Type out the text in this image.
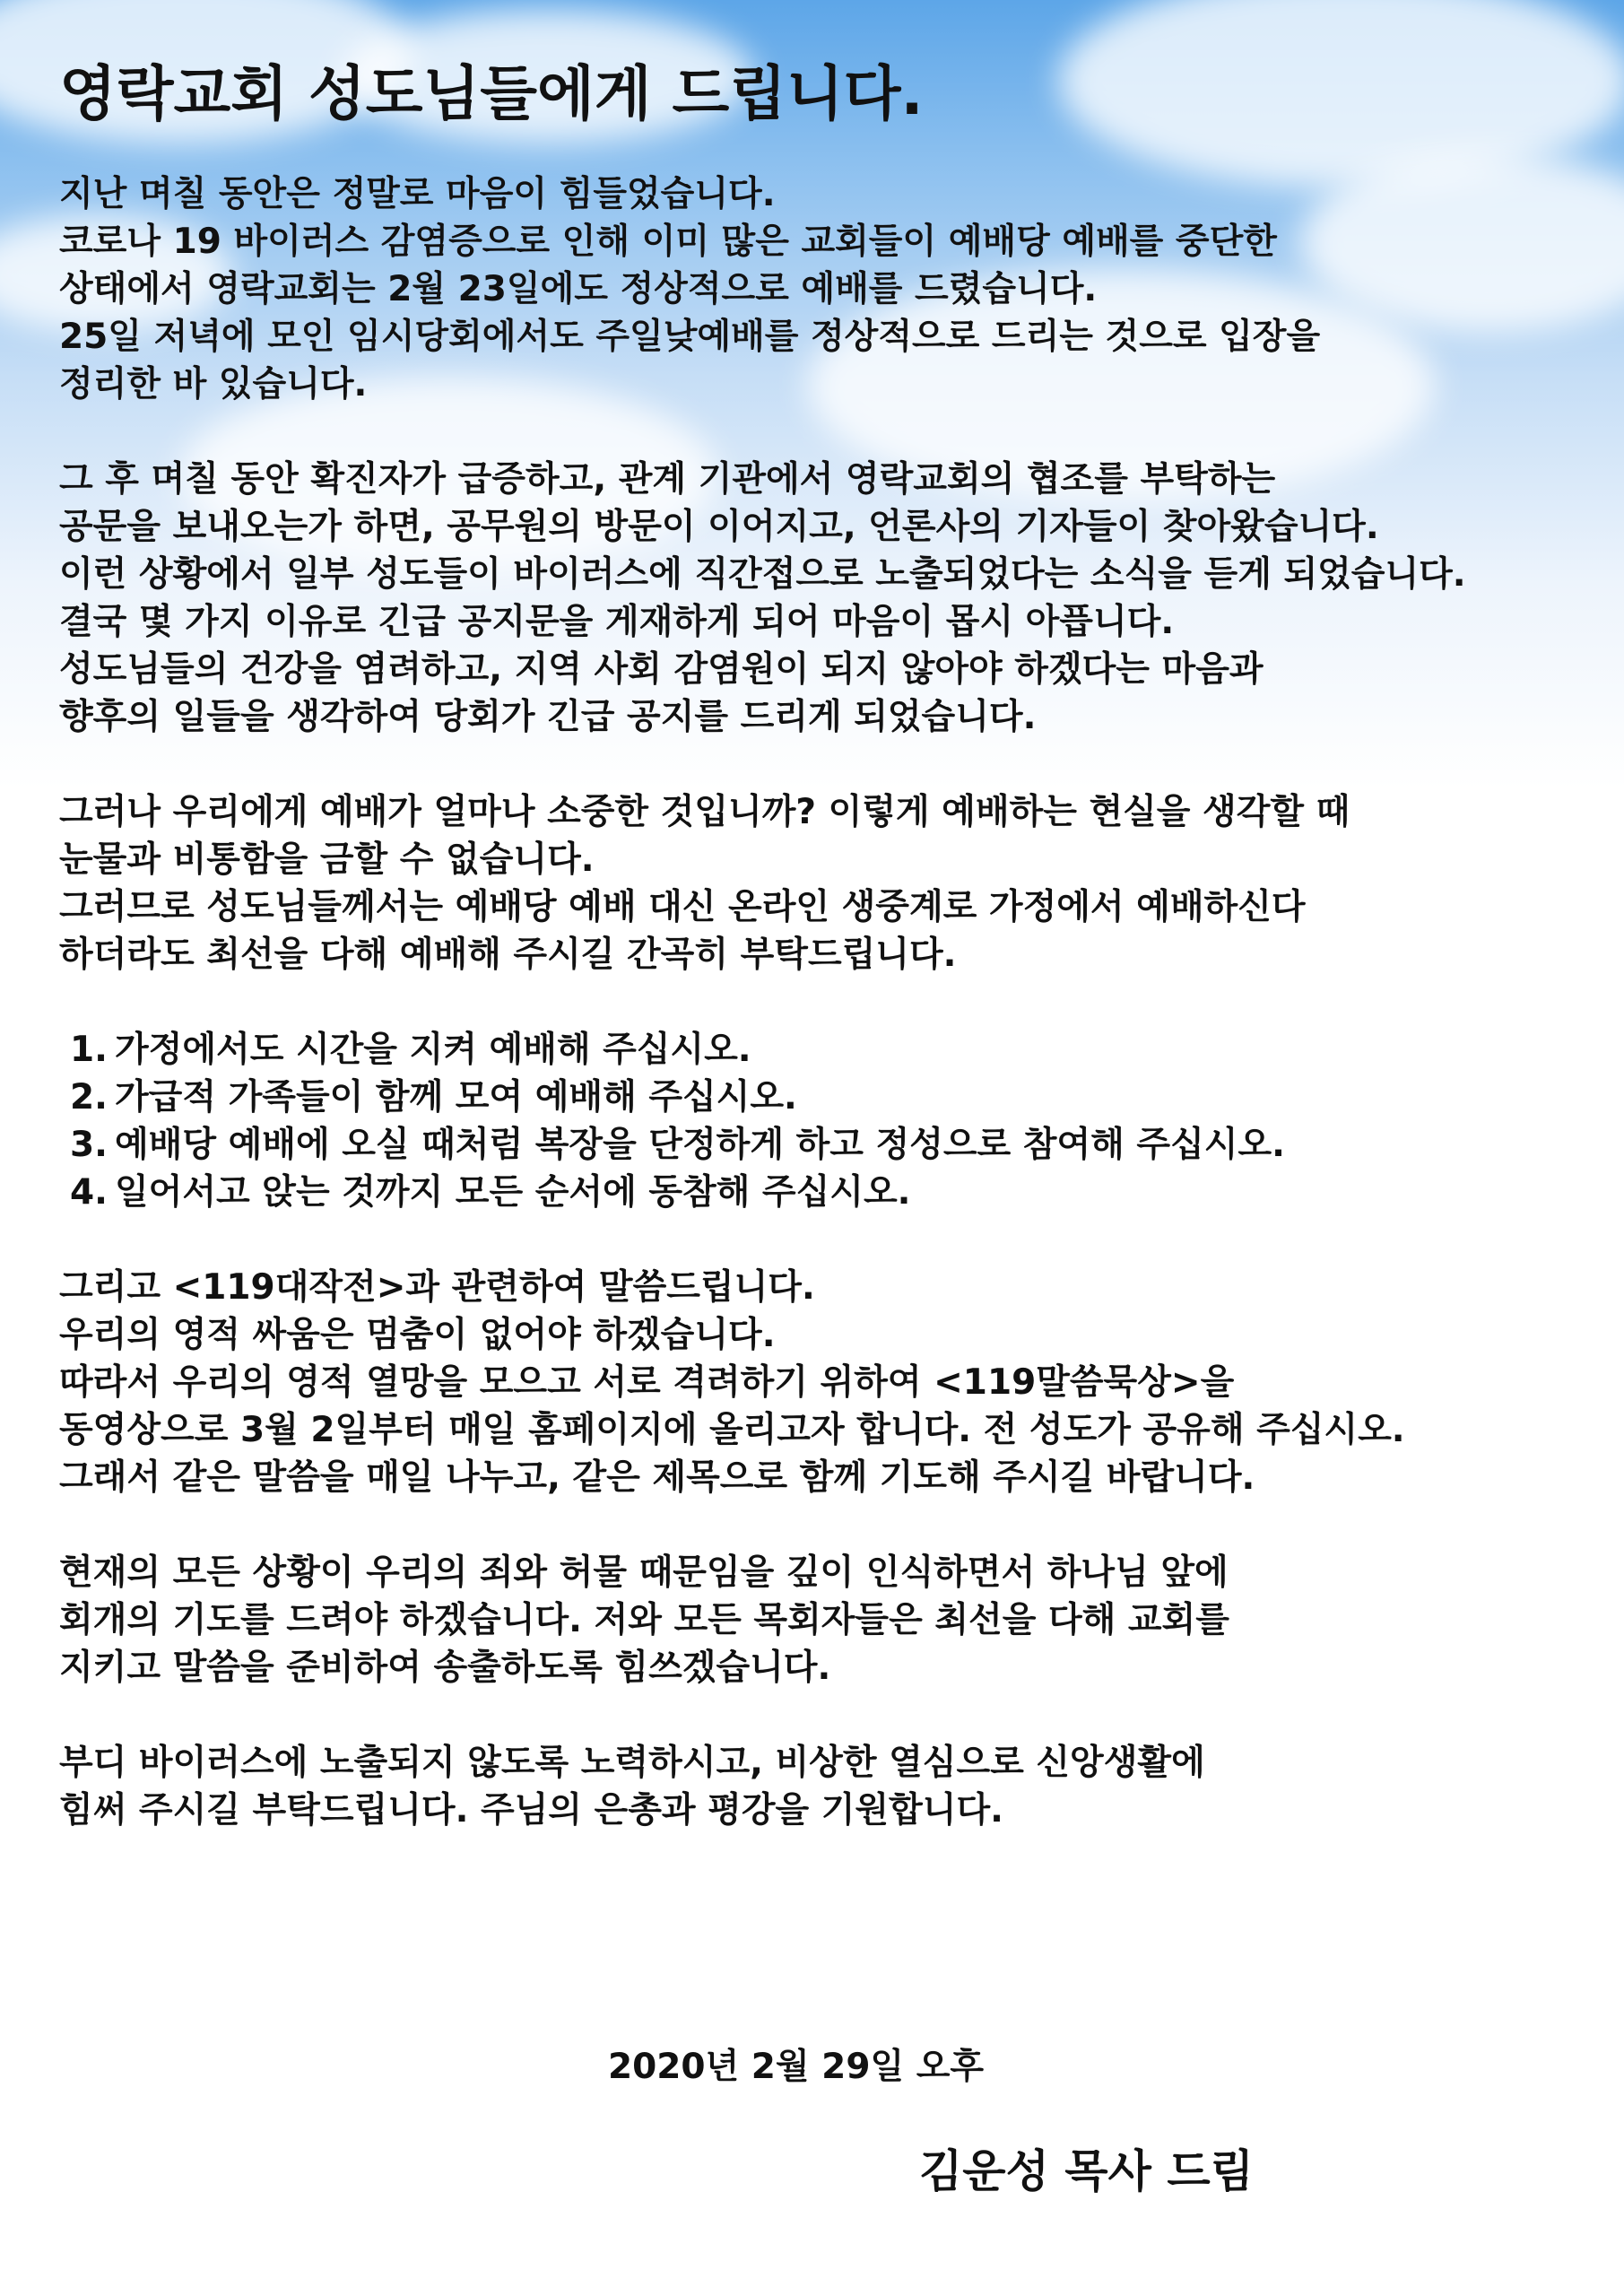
영락교회 성도님들에게 드립니다.
지난 며칠 동안은 정말로 마음이 힘들었습니다.
코로나 19 바이러스 감염증으로 인해 이미 많은 교회들이 예배당 예배를 중단한
상태에서 영락교회는 2월 23일에도 정상적으로 예배를 드렸습니다.
25일 저녁에 모인 임시당회에서도 주일낮예배를 정상적으로 드리는 것으로 입장을
정리한 바 있습니다.
그 후 며칠 동안 확진자가 급증하고, 관계 기관에서 영락교회의 협조를 부탁하는
공문을 보내오는가 하면, 공무원의 방문이 이어지고, 언론사의 기자들이 찾아왔습니다.
이런 상황에서 일부 성도들이 바이러스에 직간접으로 노출되었다는 소식을 듣게 되었습니다.
결국 몇 가지 이유로 긴급 공지문을 게재하게 되어 마음이 몹시 아픕니다.
성도님들의 건강을 염려하고, 지역 사회 감염원이 되지 않아야 하겠다는 마음과
향후의 일들을 생각하여 당회가 긴급 공지를 드리게 되었습니다.
그러나 우리에게 예배가 얼마나 소중한 것입니까? 이렇게 예배하는 현실을 생각할 때
눈물과 비통함을 금할 수 없습니다.
그러므로 성도님들께서는 예배당 예배 대신 온라인 생중계로 가정에서 예배하신다
하더라도 최선을 다해 예배해 주시길 간곡히 부탁드립니다.
1. 가정에서도 시간을 지켜 예배해 주십시오.
2. 가급적 가족들이 함께 모여 예배해 주십시오.
3. 예배당 예배에 오실 때처럼 복장을 단정하게 하고 정성으로 참여해 주십시오.
4. 일어서고 앉는 것까지 모든 순서에 동참해 주십시오.
그리고 <119대작전>과 관련하여 말씀드립니다.
우리의 영적 싸움은 멈춤이 없어야 하겠습니다.
따라서 우리의 영적 열망을 모으고 서로 격려하기 위하여 <119말씀묵상>을
동영상으로 3월 2일부터 매일 홈페이지에 올리고자 합니다. 전 성도가 공유해 주십시오.
그래서 같은 말씀을 매일 나누고, 같은 제목으로 함께 기도해 주시길 바랍니다.
현재의 모든 상황이 우리의 죄와 허물 때문임을 깊이 인식하면서 하나님 앞에
회개의 기도를 드려야 하겠습니다. 저와 모든 목회자들은 최선을 다해 교회를
지키고 말씀을 준비하여 송출하도록 힘쓰겠습니다.
부디 바이러스에 노출되지 않도록 노력하시고, 비상한 열심으로 신앙생활에
힘써 주시길 부탁드립니다. 주님의 은총과 평강을 기원합니다.
2020년 2월 29일 오후
김운성 목사 드림
